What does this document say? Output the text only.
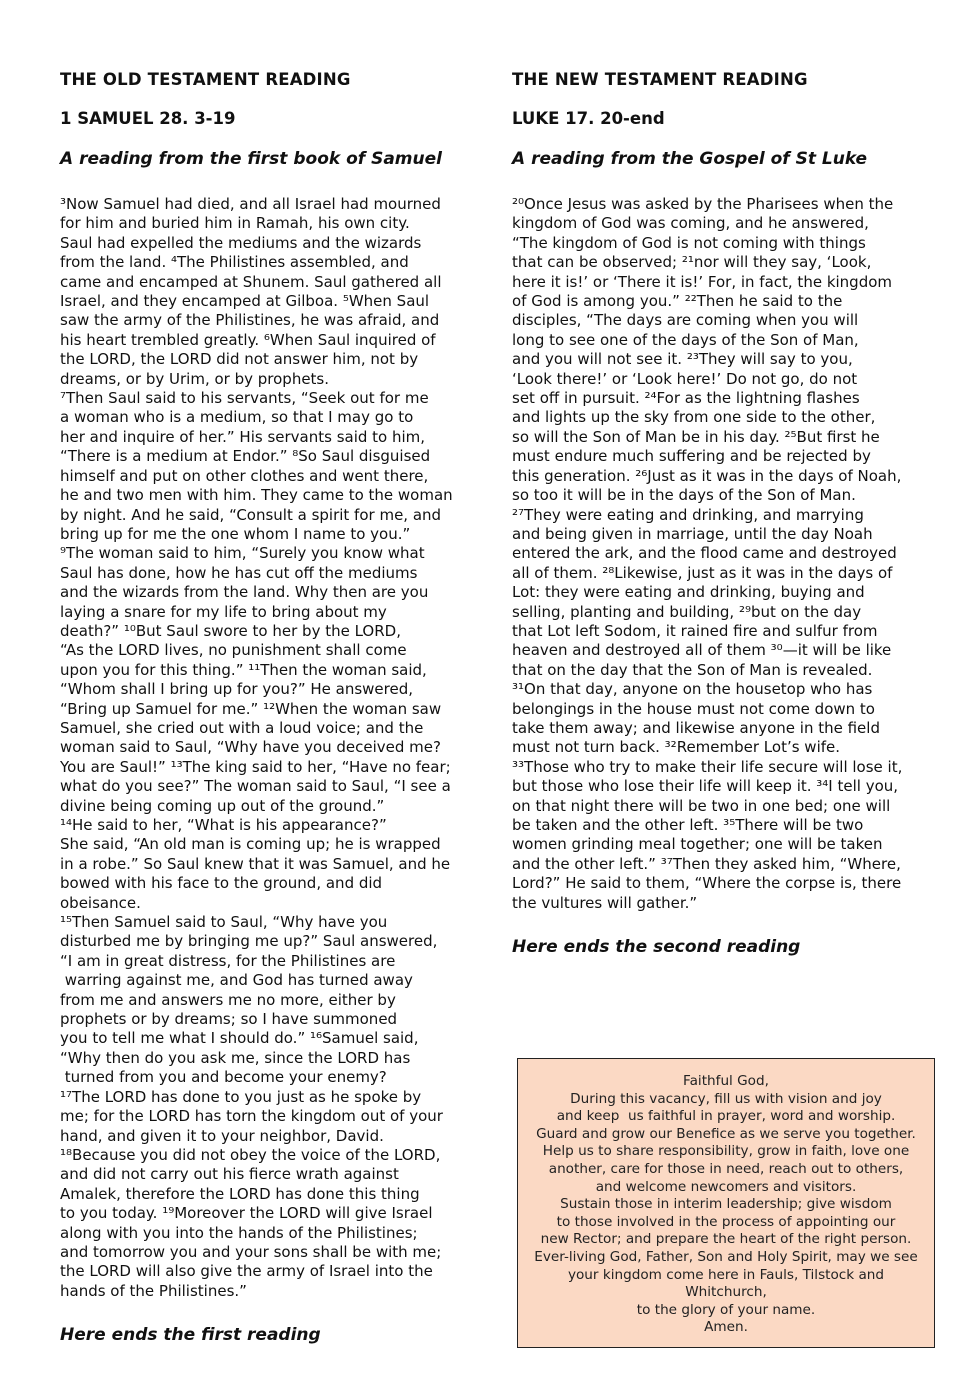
THE OLD TESTAMENT READING
1 SAMUEL 28. 3-19
A reading from the first book of Samuel
³Now Samuel had died, and all Israel had mourned
for him and buried him in Ramah, his own city.
Saul had expelled the mediums and the wizards
from the land. ⁴The Philistines assembled, and
came and encamped at Shunem. Saul gathered all
Israel, and they encamped at Gilboa. ⁵When Saul
saw the army of the Philistines, he was afraid, and
his heart trembled greatly. ⁶When Saul inquired of
the LORD, the LORD did not answer him, not by
dreams, or by Urim, or by prophets.
⁷Then Saul said to his servants, “Seek out for me
a woman who is a medium, so that I may go to
her and inquire of her.” His servants said to him,
“There is a medium at Endor.” ⁸So Saul disguised
himself and put on other clothes and went there,
he and two men with him. They came to the woman
by night. And he said, “Consult a spirit for me, and
bring up for me the one whom I name to you.”
⁹The woman said to him, “Surely you know what
Saul has done, how he has cut off the mediums
and the wizards from the land. Why then are you
laying a snare for my life to bring about my
death?” ¹⁰But Saul swore to her by the LORD,
“As the LORD lives, no punishment shall come
upon you for this thing.” ¹¹Then the woman said,
“Whom shall I bring up for you?” He answered,
“Bring up Samuel for me.” ¹²When the woman saw
Samuel, she cried out with a loud voice; and the
woman said to Saul, “Why have you deceived me?
You are Saul!” ¹³The king said to her, “Have no fear;
what do you see?” The woman said to Saul, “I see a
divine being coming up out of the ground.”
¹⁴He said to her, “What is his appearance?”
She said, “An old man is coming up; he is wrapped
in a robe.” So Saul knew that it was Samuel, and he
bowed with his face to the ground, and did
obeisance.
¹⁵Then Samuel said to Saul, “Why have you
disturbed me by bringing me up?” Saul answered,
“I am in great distress, for the Philistines are
warring against me, and God has turned away
from me and answers me no more, either by
prophets or by dreams; so I have summoned
you to tell me what I should do.” ¹⁶Samuel said,
“Why then do you ask me, since the LORD has
turned from you and become your enemy?
¹⁷The LORD has done to you just as he spoke by
me; for the LORD has torn the kingdom out of your
hand, and given it to your neighbor, David.
¹⁸Because you did not obey the voice of the LORD,
and did not carry out his fierce wrath against
Amalek, therefore the LORD has done this thing
to you today. ¹⁹Moreover the LORD will give Israel
along with you into the hands of the Philistines;
and tomorrow you and your sons shall be with me;
the LORD will also give the army of Israel into the
hands of the Philistines.”
Here ends the first reading
THE NEW TESTAMENT READING
LUKE 17. 20-end
A reading from the Gospel of St Luke
²⁰Once Jesus was asked by the Pharisees when the
kingdom of God was coming, and he answered,
“The kingdom of God is not coming with things
that can be observed; ²¹nor will they say, ‘Look,
here it is!’ or ‘There it is!’ For, in fact, the kingdom
of God is among you.” ²²Then he said to the
disciples, “The days are coming when you will
long to see one of the days of the Son of Man,
and you will not see it. ²³They will say to you,
‘Look there!’ or ‘Look here!’ Do not go, do not
set off in pursuit. ²⁴For as the lightning flashes
and lights up the sky from one side to the other,
so will the Son of Man be in his day. ²⁵But first he
must endure much suffering and be rejected by
this generation. ²⁶Just as it was in the days of Noah,
so too it will be in the days of the Son of Man.
²⁷They were eating and drinking, and marrying
and being given in marriage, until the day Noah
entered the ark, and the flood came and destroyed
all of them. ²⁸Likewise, just as it was in the days of
Lot: they were eating and drinking, buying and
selling, planting and building, ²⁹but on the day
that Lot left Sodom, it rained fire and sulfur from
heaven and destroyed all of them ³⁰—it will be like
that on the day that the Son of Man is revealed.
³¹On that day, anyone on the housetop who has
belongings in the house must not come down to
take them away; and likewise anyone in the field
must not turn back. ³²Remember Lot’s wife.
³³Those who try to make their life secure will lose it,
but those who lose their life will keep it. ³⁴I tell you,
on that night there will be two in one bed; one will
be taken and the other left. ³⁵There will be two
women grinding meal together; one will be taken
and the other left.” ³⁷Then they asked him, “Where,
Lord?” He said to them, “Where the corpse is, there
the vultures will gather.”
Here ends the second reading
Faithful God,
During this vacancy, fill us with vision and joy
and keep  us faithful in prayer, word and worship.
Guard and grow our Benefice as we serve you together.
Help us to share responsibility, grow in faith, love one
another, care for those in need, reach out to others,
and welcome newcomers and visitors.
Sustain those in interim leadership; give wisdom
to those involved in the process of appointing our
new Rector; and prepare the heart of the right person.
Ever-living God, Father, Son and Holy Spirit, may we see
your kingdom come here in Fauls, Tilstock and
Whitchurch,
to the glory of your name.
Amen.
